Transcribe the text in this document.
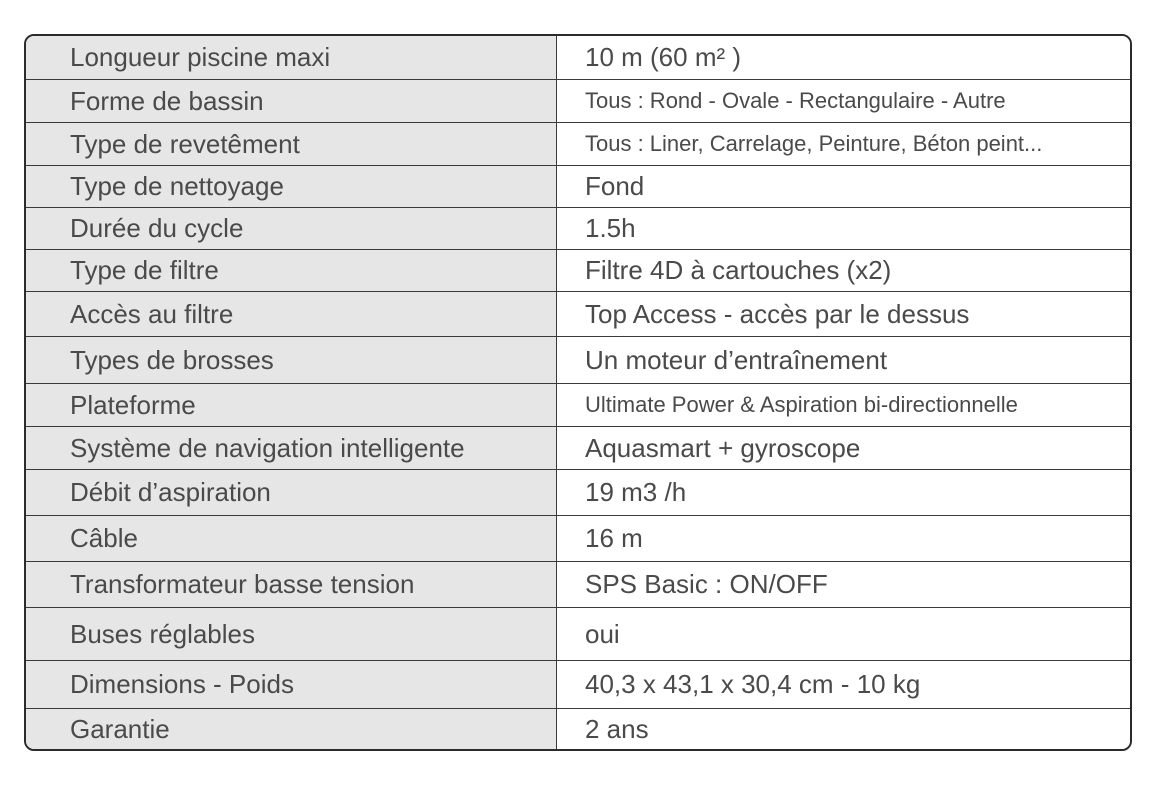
Longueur piscine maxi	10 m (60 m² )
Forme de bassin	Tous : Rond - Ovale - Rectangulaire - Autre
Type de revetêment	Tous : Liner, Carrelage, Peinture, Béton peint...
Type de nettoyage	Fond
Durée du cycle	1.5h
Type de filtre	Filtre 4D à cartouches (x2)
Accès au filtre	Top Access - accès par le dessus
Types de brosses	Un moteur d’entraînement
Plateforme	Ultimate Power & Aspiration bi-directionnelle
Système de navigation intelligente	Aquasmart + gyroscope
Débit d’aspiration	19 m3 /h
Câble	16 m
Transformateur basse tension	SPS Basic : ON/OFF
Buses réglables	oui
Dimensions - Poids	40,3 x 43,1 x 30,4 cm - 10 kg
Garantie	2 ans
